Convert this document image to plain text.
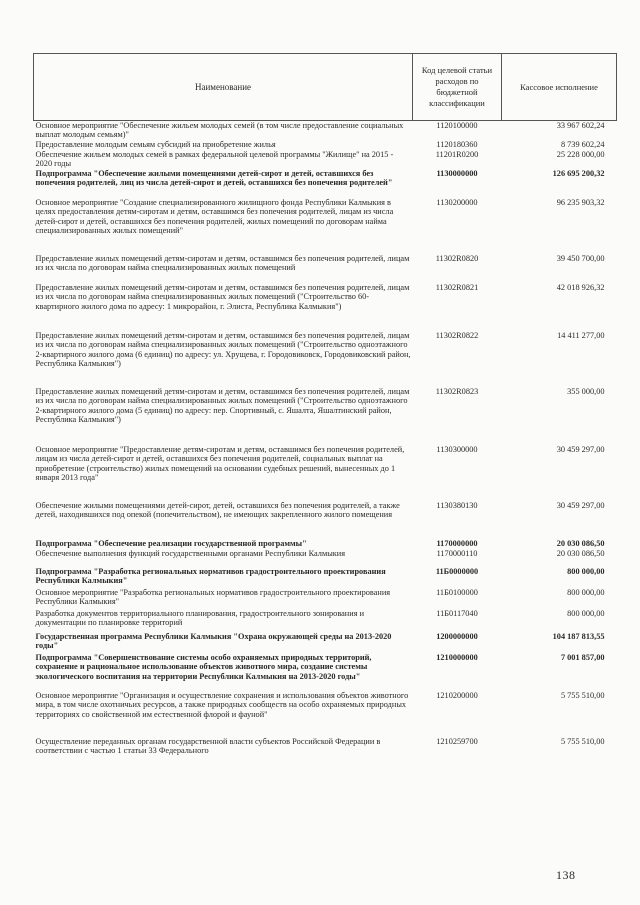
Наименование	Код целевой статьи расходов по бюджетной классификации	Кассовое исполнение
Основное мероприятие "Обеспечение жильем молодых семей (в том числе предоставление социальных выплат молодым семьям)"	1120100000	33 967 602,24
Предоставление молодым семьям субсидий на приобретение жилья	1120180360	8 739 602,24
Обеспечение жильем молодых семей в рамках федеральной целевой программы "Жилище" на 2015 - 2020 годы	11201R0200	25 228 000,00
Подпрограмма "Обеспечение жилыми помещениями детей-сирот и детей, оставшихся без попечения родителей, лиц из числа детей-сирот и детей, оставшихся без попечения родителей"	1130000000	126 695 200,32
Основное мероприятие "Создание специализированного жилищного фонда Республики Калмыкия в целях предоставления детям-сиротам и детям, оставшимся без попечения родителей, лицам из числа детей-сирот и детей, оставшихся без попечения родителей, жилых помещений по договорам найма специализированных жилых помещений"	1130200000	96 235 903,32
Предоставление жилых помещений детям-сиротам и детям, оставшимся без попечения родителей, лицам из их числа по договорам найма специализированных жилых помещений	11302R0820	39 450 700,00
Предоставление жилых помещений детям-сиротам и детям, оставшимся без попечения родителей, лицам из их числа по договорам найма специализированных жилых помещений ("Строительство 60-квартирного жилого дома по адресу: 1 микрорайон, г. Элиста, Республика Калмыкия")	11302R0821	42 018 926,32
Предоставление жилых помещений детям-сиротам и детям, оставшимся без попечения родителей, лицам из их числа по договорам найма специализированных жилых помещений ("Строительство одноэтажного 2-квартирного жилого дома (6 единиц) по адресу: ул. Хрущева, г. Городовиковск, Городовиковский район, Республика Калмыкия")	11302R0822	14 411 277,00
Предоставление жилых помещений детям-сиротам и детям, оставшимся без попечения родителей, лицам из их числа по договорам найма специализированных жилых помещений ("Строительство одноэтажного 2-квартирного жилого дома (5 единиц) по адресу: пер. Спортивный, с. Яшалта, Яшалтинский район, Республика Калмыкия")	11302R0823	355 000,00
Основное мероприятие "Предоставление детям-сиротам и детям, оставшимся без попечения родителей, лицам из числа детей-сирот и детей, оставшихся без попечения родителей, социальных выплат на приобретение (строительство) жилых помещений на основании судебных решений, вынесенных до 1 января 2013 года"	1130300000	30 459 297,00
Обеспечение жилыми помещениями детей-сирот, детей, оставшихся без попечения родителей, а также детей, находившихся под опекой (попечительством), не имеющих закрепленного жилого помещения	1130380130	30 459 297,00
Подпрограмма "Обеспечение реализации государственной программы"	1170000000	20 030 086,50
Обеспечение выполнения функций государственными органами Республики Калмыкия	1170000110	20 030 086,50
Подпрограмма "Разработка региональных нормативов градостроительного проектирования Республики Калмыкия"	11Б0000000	800 000,00
Основное мероприятие "Разработка региональных нормативов градостроительного проектирования Республики Калмыкия"	11Б0100000	800 000,00
Разработка документов территориального планирования, градостроительного зонирования и документации по планировке территорий	11Б0117040	800 000,00
Государственная программа Республики Калмыкия "Охрана окружающей среды на 2013-2020 годы"	1200000000	104 187 813,55
Подпрограмма "Совершенствование системы особо охраняемых природных территорий, сохранение и рациональное использование объектов животного мира, создание системы экологического воспитания на территории Республики Калмыкия на 2013-2020 годы"	1210000000	7 001 857,00
Основное мероприятие "Организация и осуществление сохранения и использования объектов животного мира, в том числе охотничьих ресурсов, а также природных сообществ на особо охраняемых природных территориях со свойственной им естественной флорой и фауной"	1210200000	5 755 510,00
Осуществление переданных органам государственной власти субъектов Российской Федерации в соответствии с частью 1 статьи 33 Федерального	1210259700	5 755 510,00
138
